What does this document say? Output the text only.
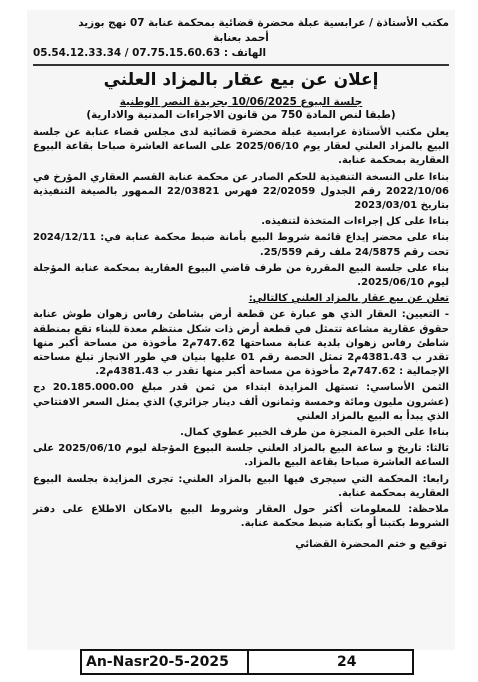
مكتب الأستاذة / عرابسية عبلة محضرة قضائية بمحكمة عنابة 07 نهج بوزيد
أحمد بعنابة
05.54.12.33.34 / 07.75.15.60.63 : الهاتف
إعلان عن بيع عقار بالمزاد العلني
جلسة البيوع 10/06/2025 بجريدة النصر الوطنية
(طبقا لنص المادة 750 من قانون الاجراءات المدنية والادارية)

يعلن مكتب الأستاذة عرابسية عبلة محضرة قضائية لدى مجلس قضاء عنابة عن جلسة البيع بالمزاد العلني لعقار يوم 2025/06/10 على الساعة العاشرة صباحا بقاعة البيوع العقارية بمحكمة عنابة.

بناءا على النسخة التنفيذية للحكم الصادر عن محكمة عنابة القسم العقاري المؤرخ في 2022/10/06 رقم الجدول 22/02059 فهرس 22/03821 الممهور بالصيغة التنفيذية بتاريخ 2023/03/01

بناءا على كل إجراءات المتخذة لتنفيذه.

بناء على محضر إيداع قائمة شروط البيع بأمانة ضبط محكمة عنابة في: 2024/12/11 تحت رقم 24/5875 ملف رقم 25/559.

بناء على جلسة البيع المقررة من طرف قاضي البيوع العقارية بمحكمة عنابة المؤجلة ليوم 2025/06/10.

تعلن عن بيع عقار بالمزاد العلني كالتالي:

- التعيين: العقار الذي هو عبارة عن قطعة أرض بشاطئ رفاس زهوان طوش عنابة حقوق عقارية مشاعة تتمثل في قطعة أرض ذات شكل منتظم معدة للبناء تقع بمنطقة شاطئ رفاس زهوان بلدية عنابة مساحتها 747.62م2 مأخوذة من مساحة أكبر منها تقدر ب 4381.43م2 تمثل الحصة رقم 01 عليها بنيان في طور الانجاز تبلغ مساحته الإجمالية : 747.62م2 مأخوذة من مساحة أكبر منها تقدر ب 4381.43م2.

الثمن الأساسي: تستهل المزايدة ابتداء من ثمن قدر مبلغ 20.185.000.00 دج (عشرون مليون ومائة وخمسة وثمانون ألف دينار جزائري) الذي يمثل السعر الافتتاحي الذي يبدأ به البيع بالمزاد العلني

بناءا على الخبرة المنجزة من طرف الخبير عطوي كمال.

ثالثا: تاريخ و ساعة البيع بالمزاد العلني جلسة البيوع المؤجلة ليوم 2025/06/10 على الساعة العاشرة صباحا بقاعة البيع بالمزاد.

رابعا: المحكمة التي سيجرى فيها البيع بالمزاد العلني: تجرى المزايدة بجلسة البيوع العقارية بمحكمة عنابة.

ملاحظة: للمعلومات أكثر حول العقار وشروط البيع بالامكان الاطلاع على دفتر الشروط بكتبنا أو بكتابة ضبط محكمة عنابة.

توقيع و ختم المحضرة القضائي
An-Nasr20-5-2025	24
